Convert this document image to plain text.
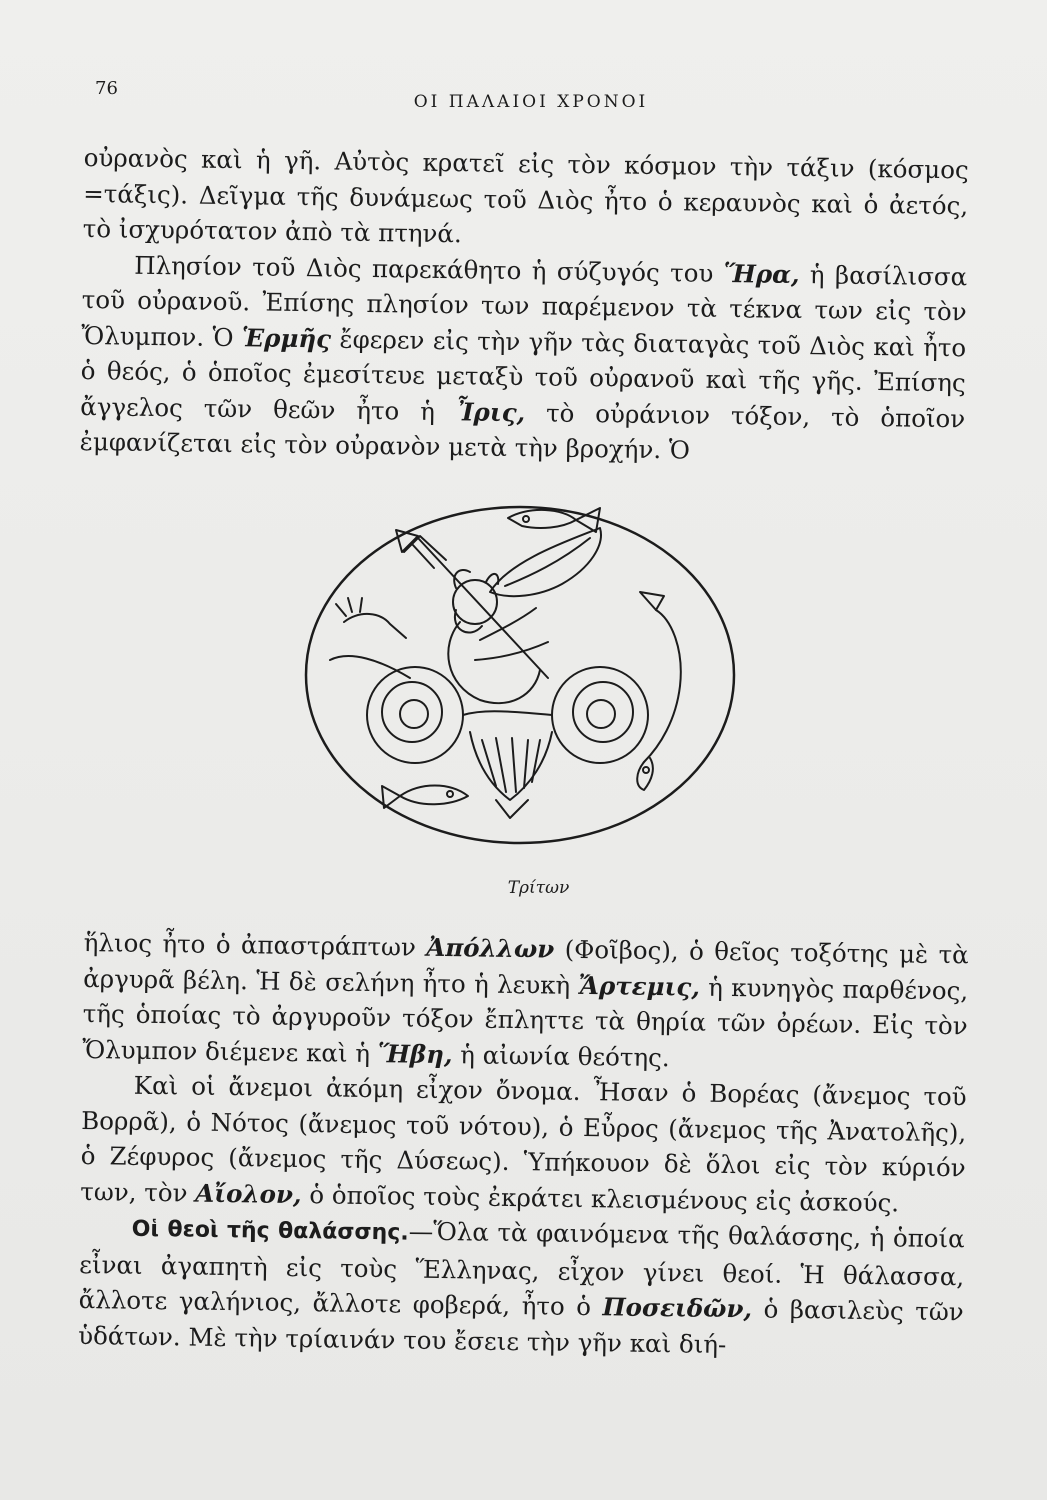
76
ΟΙ ΠΑΛΑΙΟΙ ΧΡΟΝΟΙ

οὐρανὸς καὶ ἡ γῆ. Αὐτὸς κρατεῖ εἰς τὸν κόσμον τὴν τάξιν (κόσμος =τάξις). Δεῖγμα τῆς δυνάμεως τοῦ Διὸς ἦτο ὁ κεραυνὸς καὶ ὁ ἀετός, τὸ ἰσχυρότατον ἀπὸ τὰ πτηνά.

Πλησίον τοῦ Διὸς παρεκάθητο ἡ σύζυγός του Ἥρα, ἡ βασίλισσα τοῦ οὐρανοῦ. Ἐπίσης πλησίον των παρέμενον τὰ τέκνα των εἰς τὸν Ὄλυμπον. Ὁ Ἑρμῆς ἔφερεν εἰς τὴν γῆν τὰς διαταγὰς τοῦ Διὸς καὶ ἦτο ὁ θεός, ὁ ὁποῖος ἐμεσίτευε μεταξὺ τοῦ οὐρανοῦ καὶ τῆς γῆς. Ἐπίσης ἄγγελος τῶν θεῶν ἦτο ἡ Ἶρις, τὸ οὐράνιον τόξον, τὸ ὁποῖον ἐμφανίζεται εἰς τὸν οὐρανὸν μετὰ τὴν βροχήν. Ὁ

Τρίτων

ἥλιος ἦτο ὁ ἀπαστράπτων Ἀπόλλων (Φοῖβος), ὁ θεῖος τοξότης μὲ τὰ ἀργυρᾶ βέλη. Ἡ δὲ σελήνη ἦτο ἡ λευκὴ Ἄρτεμις, ἡ κυνηγὸς παρθένος, τῆς ὁποίας τὸ ἀργυροῦν τόξον ἔπληττε τὰ θηρία τῶν ὀρέων. Εἰς τὸν Ὄλυμπον διέμενε καὶ ἡ Ἥβη, ἡ αἰωνία θεότης.

Καὶ οἱ ἄνεμοι ἀκόμη εἶχον ὄνομα. Ἦσαν ὁ Βορέας (ἄνεμος τοῦ Βορρᾶ), ὁ Νότος (ἄνεμος τοῦ νότου), ὁ Εὖρος (ἄνεμος τῆς Ἀνατολῆς), ὁ Ζέφυρος (ἄνεμος τῆς Δύσεως). Ὑπήκουον δὲ ὅλοι εἰς τὸν κύριόν των, τὸν Αἴολον, ὁ ὁποῖος τοὺς ἐκράτει κλεισμένους εἰς ἀσκούς.

Οἱ θεοὶ τῆς θαλάσσης.—Ὅλα τὰ φαινόμενα τῆς θαλάσσης, ἡ ὁποία εἶναι ἀγαπητὴ εἰς τοὺς Ἕλληνας, εἶχον γίνει θεοί. Ἡ θάλασσα, ἄλλοτε γαλήνιος, ἄλλοτε φοβερά, ἦτο ὁ Ποσειδῶν, ὁ βασιλεὺς τῶν ὑδάτων. Μὲ τὴν τρίαινάν του ἔσειε τὴν γῆν καὶ διή-
